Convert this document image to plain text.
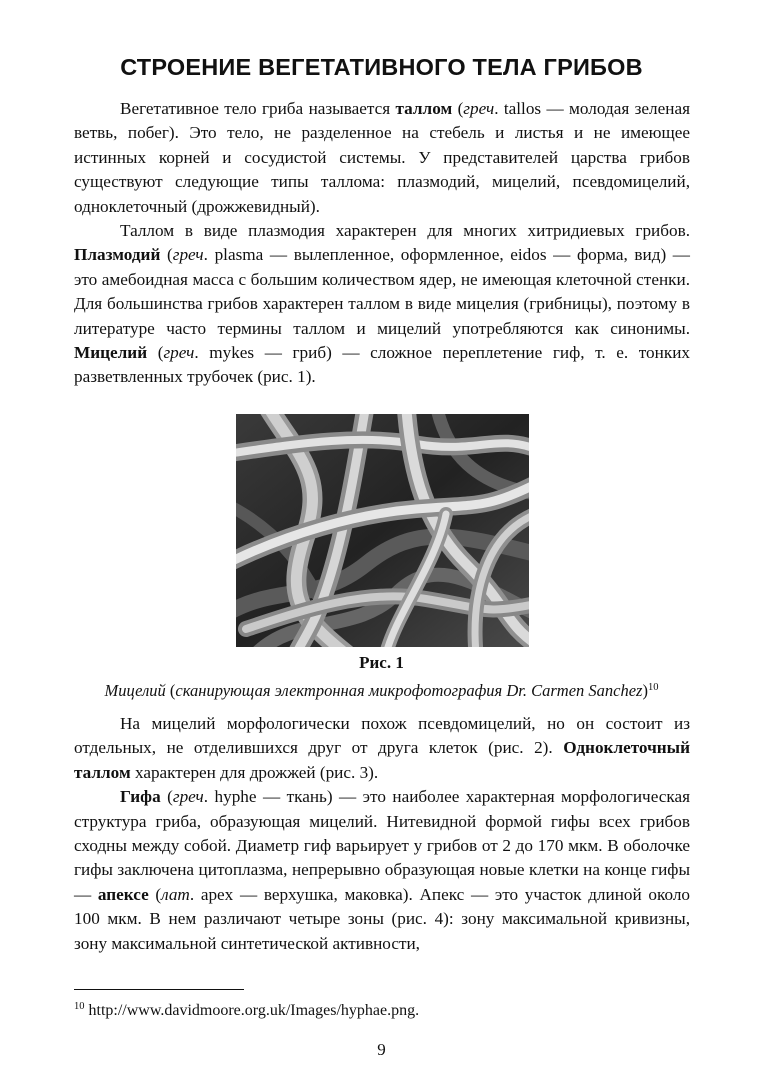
СТРОЕНИЕ ВЕГЕТАТИВНОГО ТЕЛА ГРИБОВ

Вегетативное тело гриба называется таллом (греч. tallos — молодая зеленая ветвь, побег). Это тело, не разделенное на стебель и листья и не имеющее истинных корней и сосудистой системы. У представителей царства грибов существуют следующие типы таллома: плазмодий, мицелий, псевдомицелий, одноклеточный (дрожжевидный).

Таллом в виде плазмодия характерен для многих хитридиевых грибов. Плазмодий (греч. plasma — вылепленное, оформленное, eidos — форма, вид) — это амебоидная масса с большим количеством ядер, не имеющая клеточной стенки. Для большинства грибов характерен таллом в виде мицелия (грибницы), поэтому в литературе часто термины таллом и мицелий употребляются как синонимы. Мицелий (греч. mykes — гриб) — сложное переплетение гиф, т. е. тонких разветвленных трубочек (рис. 1).

Рис. 1

Мицелий (сканирующая электронная микрофотография Dr. Carmen Sanchez)$^{10}$

На мицелий морфологически похож псевдомицелий, но он состоит из отдельных, не отделившихся друг от друга клеток (рис. 2). Одноклеточный таллом характерен для дрожжей (рис. 3).

Гифа (греч. hyphe — ткань) — это наиболее характерная морфологическая структура гриба, образующая мицелий. Нитевидной формой гифы всех грибов сходны между собой. Диаметр гиф варьирует у грибов от 2 до 170 мкм. В оболочке гифы заключена цитоплазма, непрерывно образующая новые клетки на конце гифы — апексе (лат. apex — верхушка, маковка). Апекс — это участок длиной около 100 мкм. В нем различают четыре зоны (рис. 4): зону максимальной кривизны, зону максимальной синтетической активности,

$^{10}$ http://www.davidmoore.org.uk/Images/hyphae.png.

9
